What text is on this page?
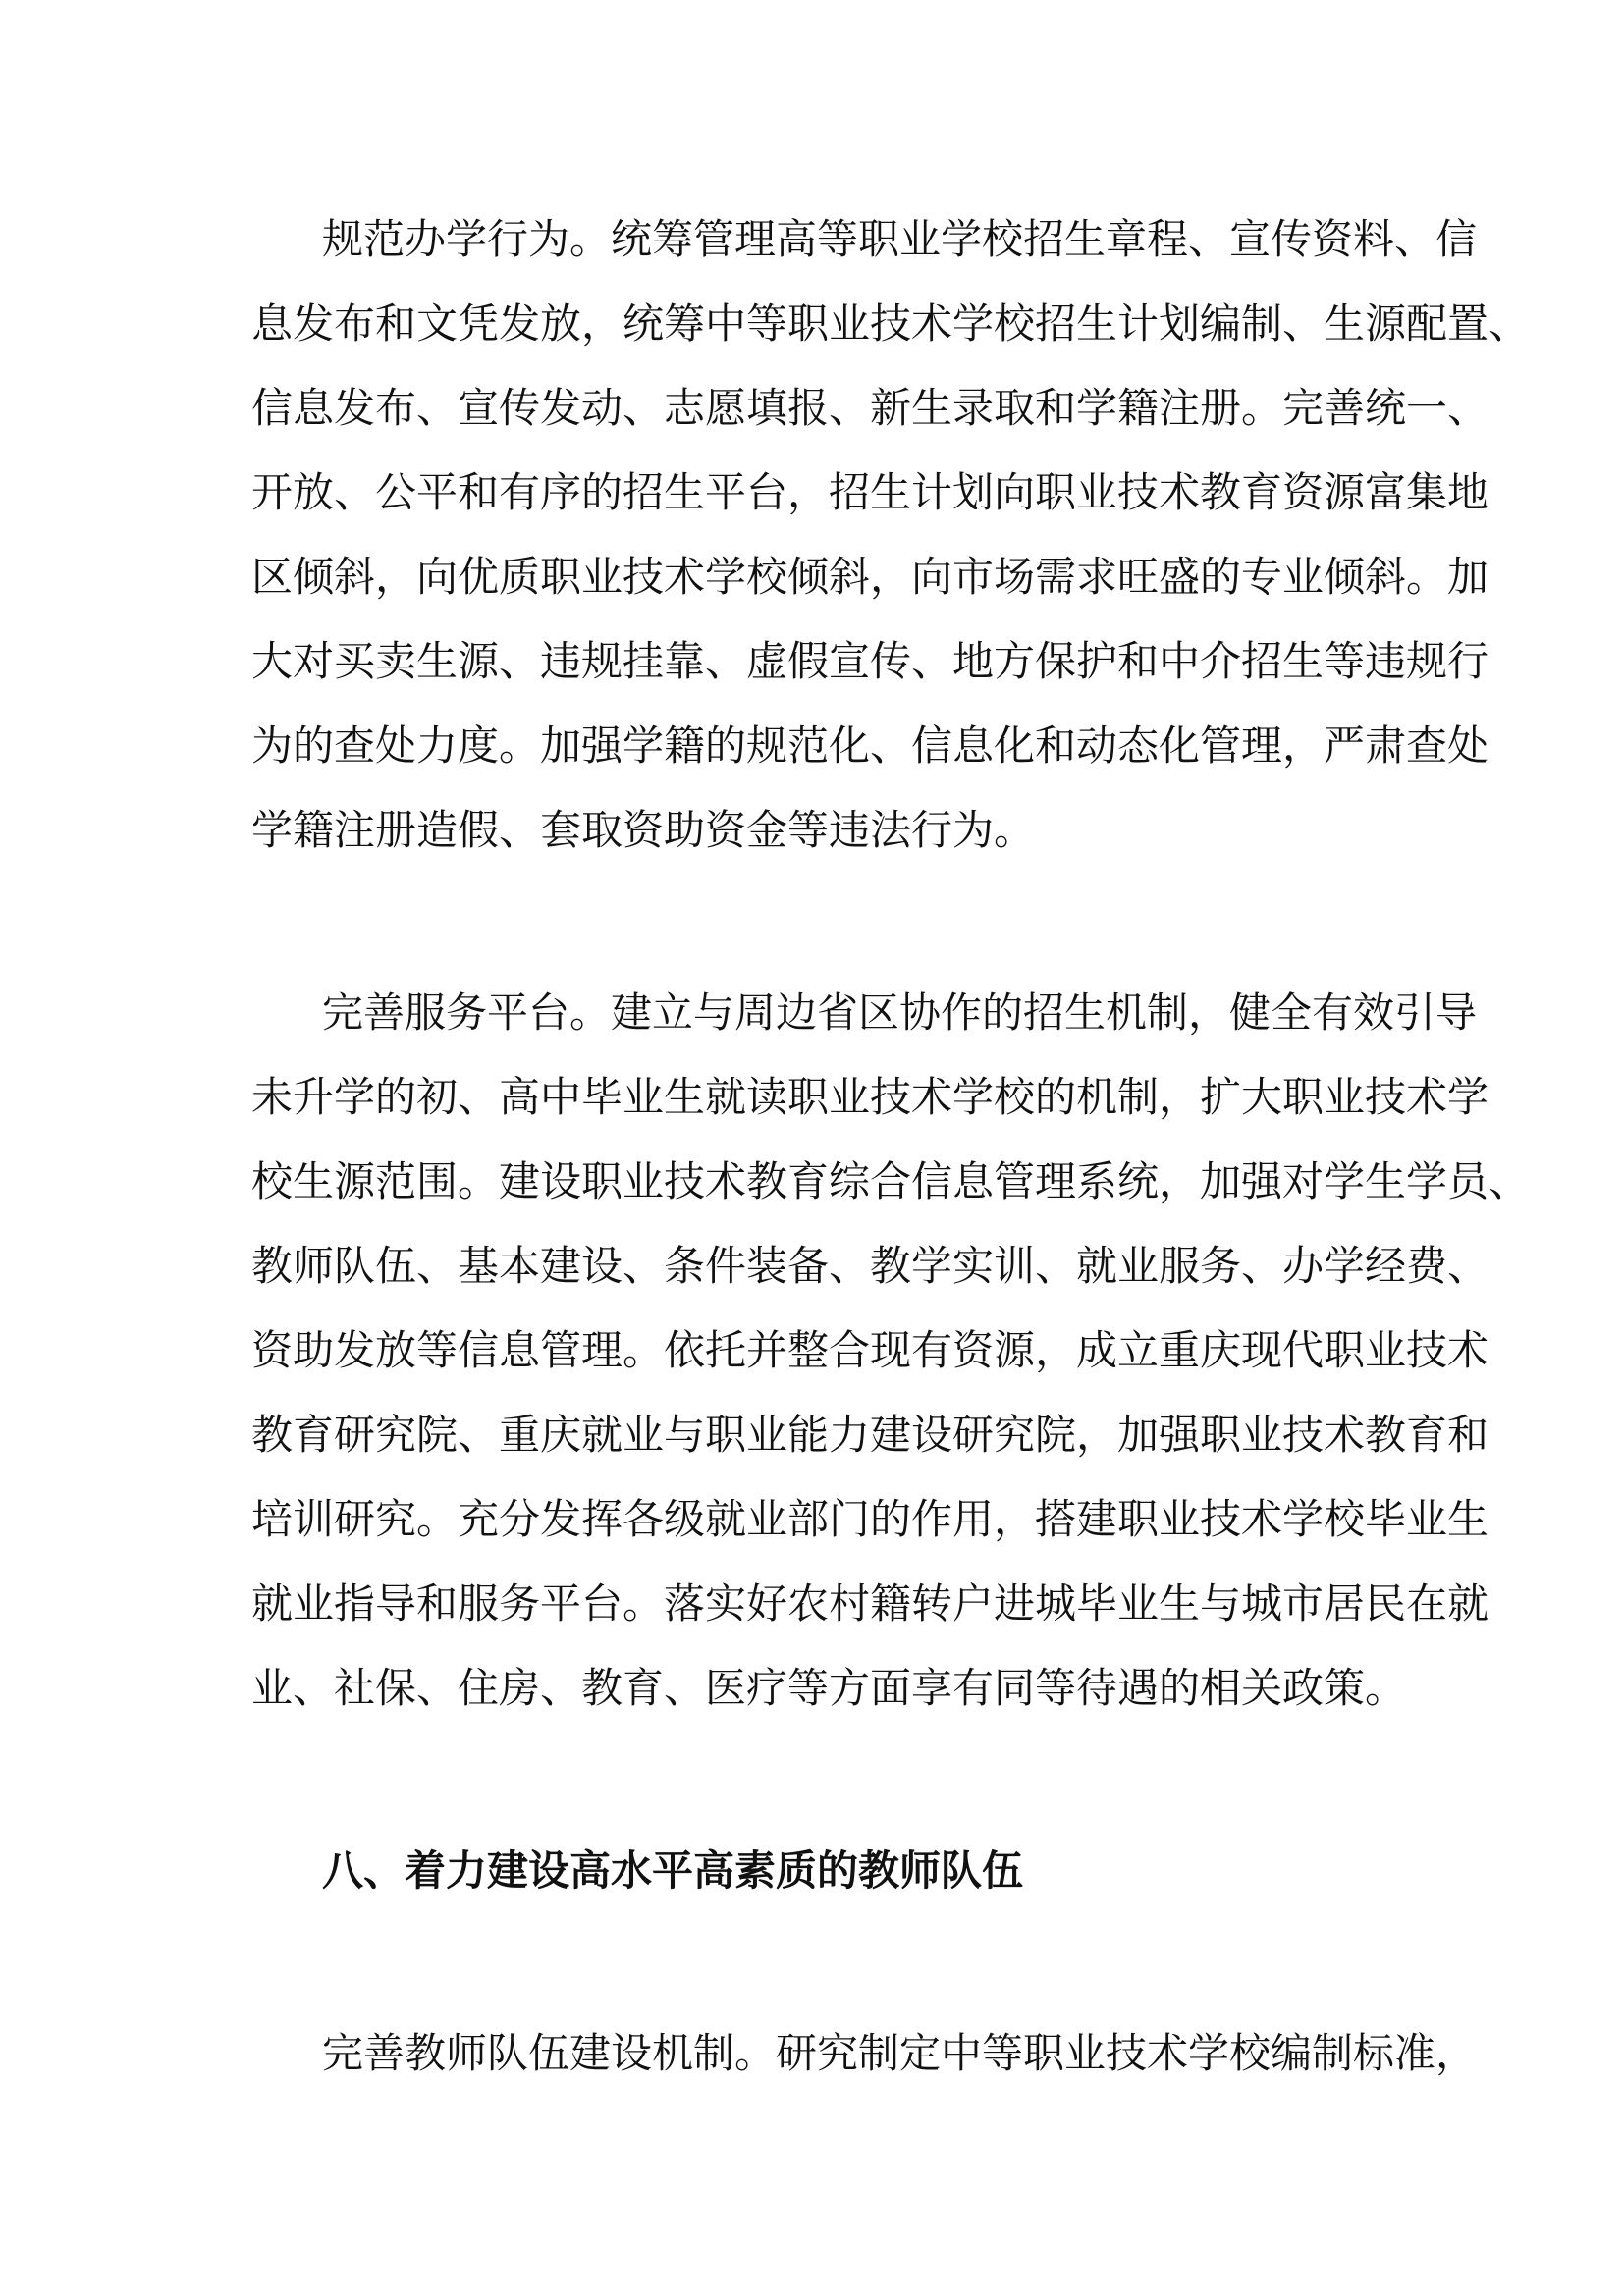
规范办学行为。统筹管理高等职业学校招生章程、宣传资料、信
息发布和文凭发放，统筹中等职业技术学校招生计划编制、生源配置、
信息发布、宣传发动、志愿填报、新生录取和学籍注册。完善统一、
开放、公平和有序的招生平台，招生计划向职业技术教育资源富集地
区倾斜，向优质职业技术学校倾斜，向市场需求旺盛的专业倾斜。加
大对买卖生源、违规挂靠、虚假宣传、地方保护和中介招生等违规行
为的查处力度。加强学籍的规范化、信息化和动态化管理，严肃查处
学籍注册造假、套取资助资金等违法行为。
完善服务平台。建立与周边省区协作的招生机制，健全有效引导
未升学的初、高中毕业生就读职业技术学校的机制，扩大职业技术学
校生源范围。建设职业技术教育综合信息管理系统，加强对学生学员、
教师队伍、基本建设、条件装备、教学实训、就业服务、办学经费、
资助发放等信息管理。依托并整合现有资源，成立重庆现代职业技术
教育研究院、重庆就业与职业能力建设研究院，加强职业技术教育和
培训研究。充分发挥各级就业部门的作用，搭建职业技术学校毕业生
就业指导和服务平台。落实好农村籍转户进城毕业生与城市居民在就
业、社保、住房、教育、医疗等方面享有同等待遇的相关政策。
八、着力建设高水平高素质的教师队伍
完善教师队伍建设机制。研究制定中等职业技术学校编制标准，
